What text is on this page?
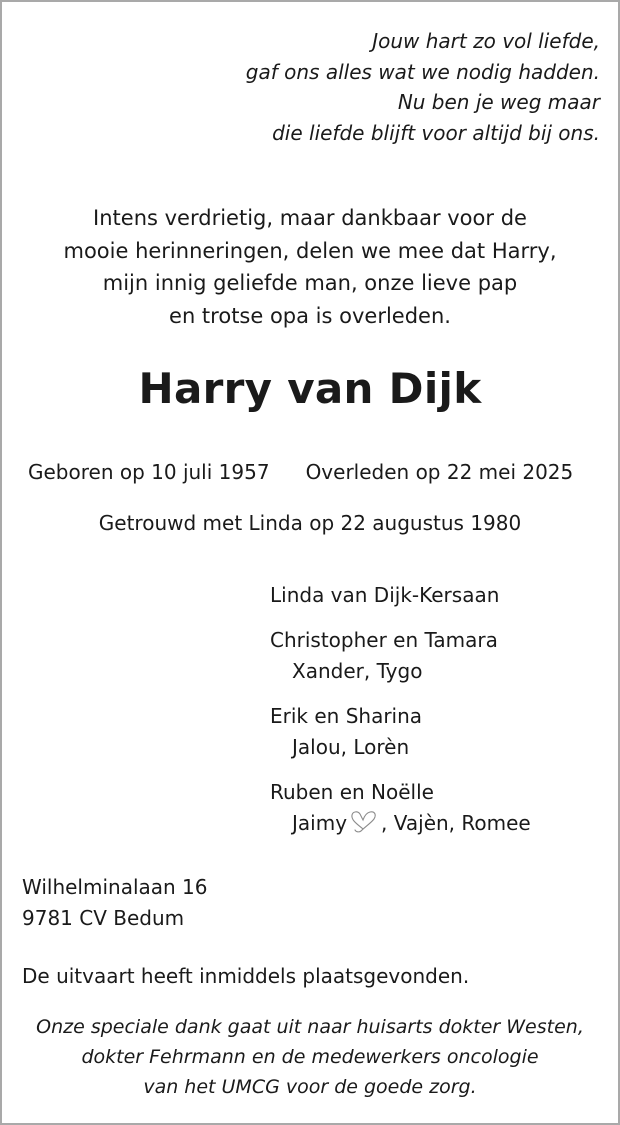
Jouw hart zo vol liefde,
gaf ons alles wat we nodig hadden.
Nu ben je weg maar
die liefde blijft voor altijd bij ons.
Intens verdrietig, maar dankbaar voor de
mooie herinneringen, delen we mee dat Harry,
mijn innig geliefde man, onze lieve pap
en trotse opa is overleden.
Harry van Dijk
Geboren op 10 juli 1957 Overleden op 22 mei 2025
Getrouwd met Linda op 22 augustus 1980
Linda van Dijk-Kersaan
Christopher en Tamara
Xander, Tygo
Erik en Sharina
Jalou, Lorèn
Ruben en Noëlle
Jaimy , Vajèn, Romee
Wilhelminalaan 16
9781 CV Bedum
De uitvaart heeft inmiddels plaatsgevonden.
Onze speciale dank gaat uit naar huisarts dokter Westen,
dokter Fehrmann en de medewerkers oncologie
van het UMCG voor de goede zorg.
